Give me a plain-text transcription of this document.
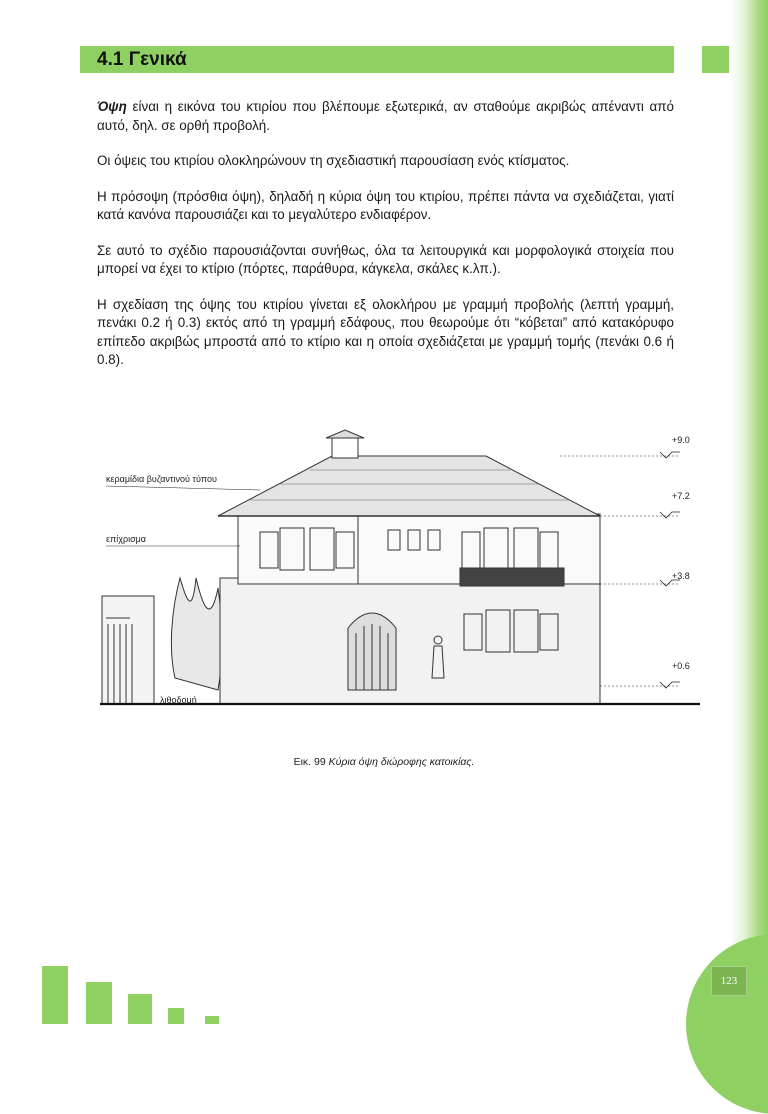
4.1 Γενικά

Όψη είναι η εικόνα του κτιρίου που βλέπουμε εξωτερικά, αν σταθούμε ακριβώς απέναντι από αυτό, δηλ. σε ορθή προβολή.

Οι όψεις του κτιρίου ολοκληρώνουν τη σχεδιαστική παρουσίαση ενός κτίσματος.

Η πρόσοψη (πρόσθια όψη), δηλαδή η κύρια όψη του κτιρίου, πρέπει πάντα να σχεδιάζεται, γιατί κατά κανόνα παρουσιάζει και το μεγαλύτερο ενδιαφέρον.

Σε αυτό το σχέδιο παρουσιάζονται συνήθως, όλα τα λειτουργικά και μορφολογικά στοιχεία που μπορεί να έχει το κτίριο (πόρτες, παράθυρα, κάγκελα, σκάλες κ.λπ.).

Η σχεδίαση της όψης του κτιρίου γίνεται εξ ολοκλήρου με γραμμή προβολής (λεπτή γραμμή, πενάκι 0.2 ή 0.3) εκτός από τη γραμμή εδάφους, που θεωρούμε ότι “κόβεται” από κατακόρυφο επίπεδο ακριβώς μπροστά από το κτίριο και η οποία σχεδιάζεται με γραμμή τομής (πενάκι 0.6 ή 0.8).

+9.0
+7.2
+3.8
+0.6
κεραμίδια βυζαντινού τύπου
επίχρισμα
λιθοδομή
Εικ. 99 Κύρια όψη διώροφης κατοικίας.
123
